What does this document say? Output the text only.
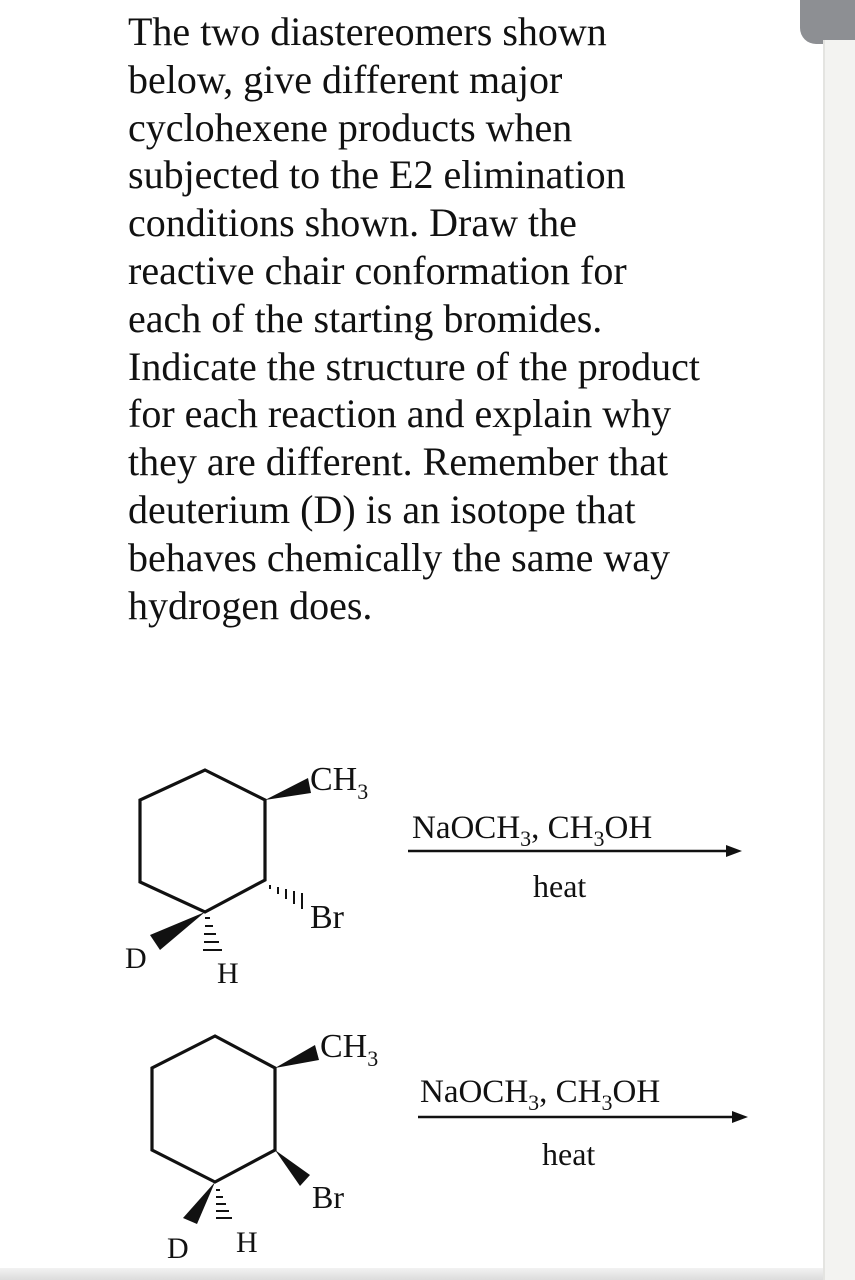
The two diastereomers shown
below, give different major
cyclohexene products when
subjected to the E2 elimination
conditions shown. Draw the
reactive chair conformation for
each of the starting bromides.
Indicate the structure of the product
for each reaction and explain why
they are different. Remember that
deuterium (D) is an isotope that
behaves chemically the same way
hydrogen does.

$CH_3$
Br
D H
NaOCH$_3$, $CH_3OH$
heat
$CH_3$
Br
D H
NaOCH$_3$, $CH_3OH$
heat
